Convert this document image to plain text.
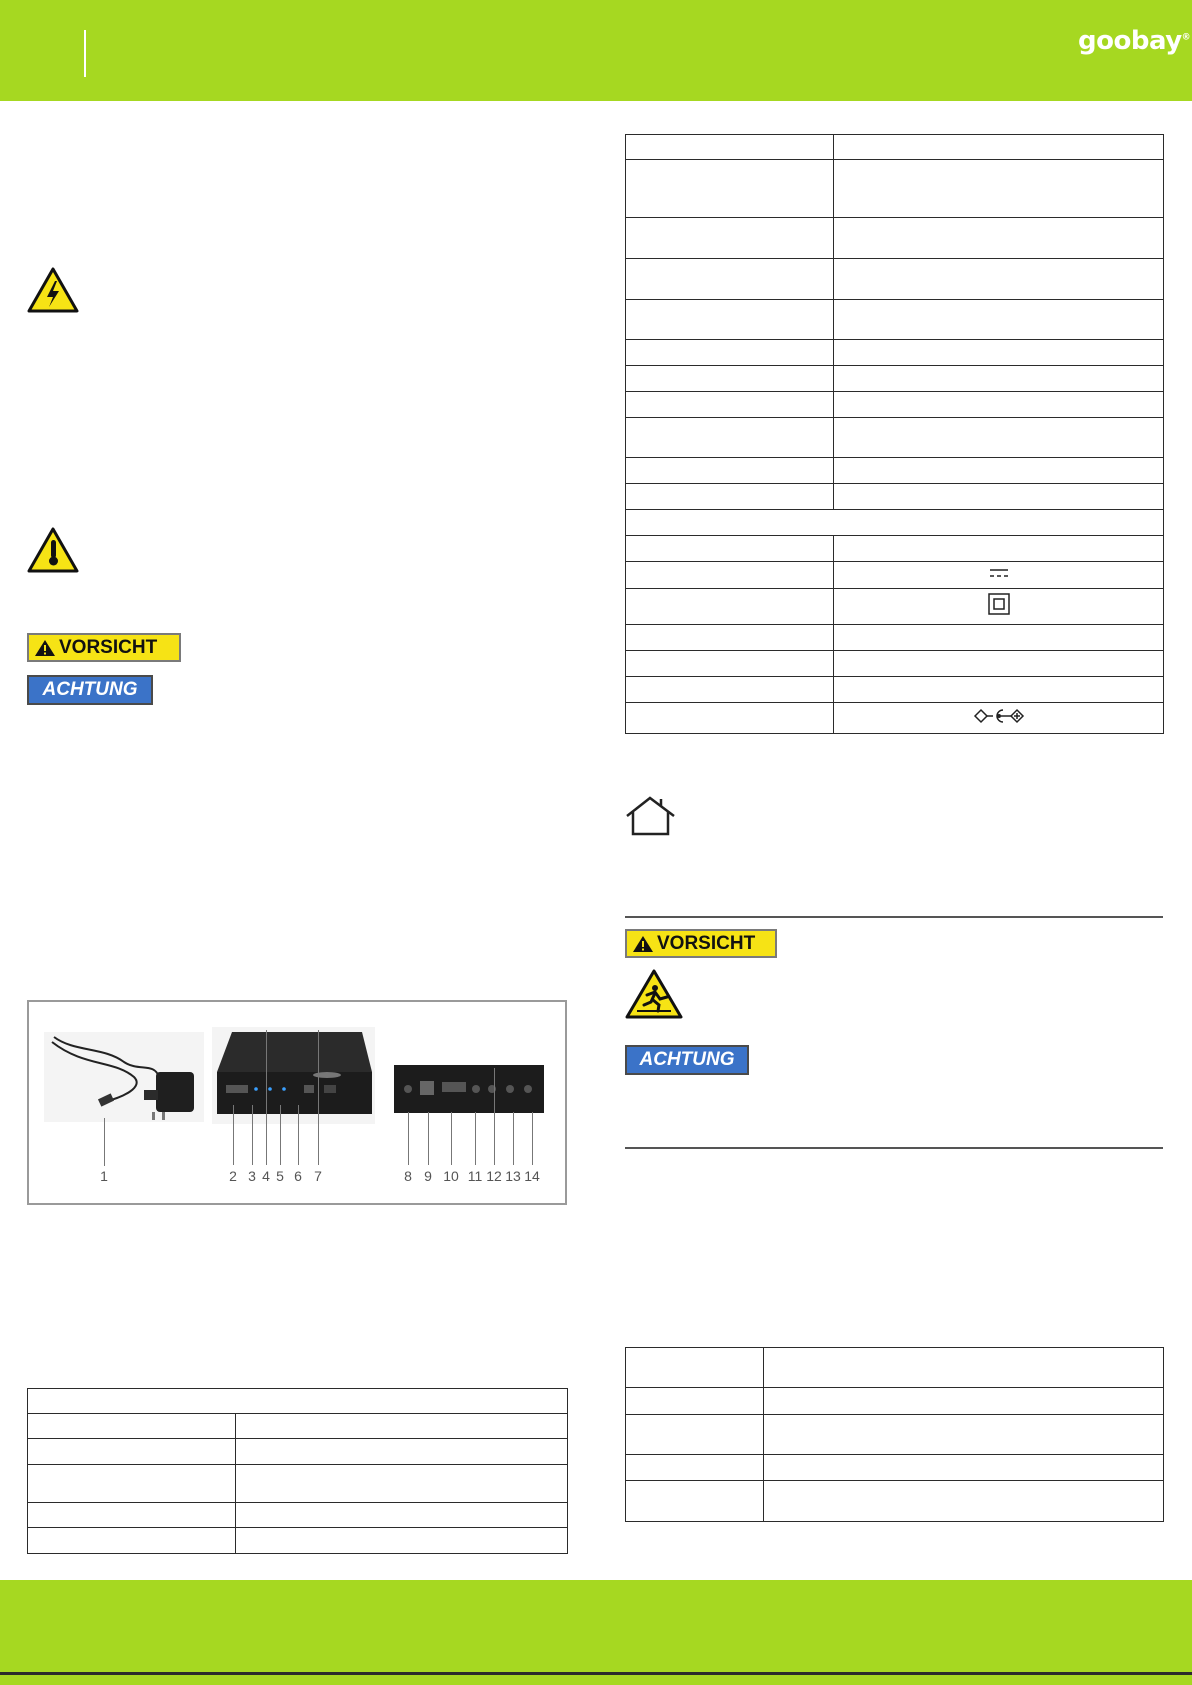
goobay®
VORSICHT
ACHTUNG
1	2 3 4 5 6 7	8 9 10 11 12 13 14

VORSICHT
ACHTUNG
